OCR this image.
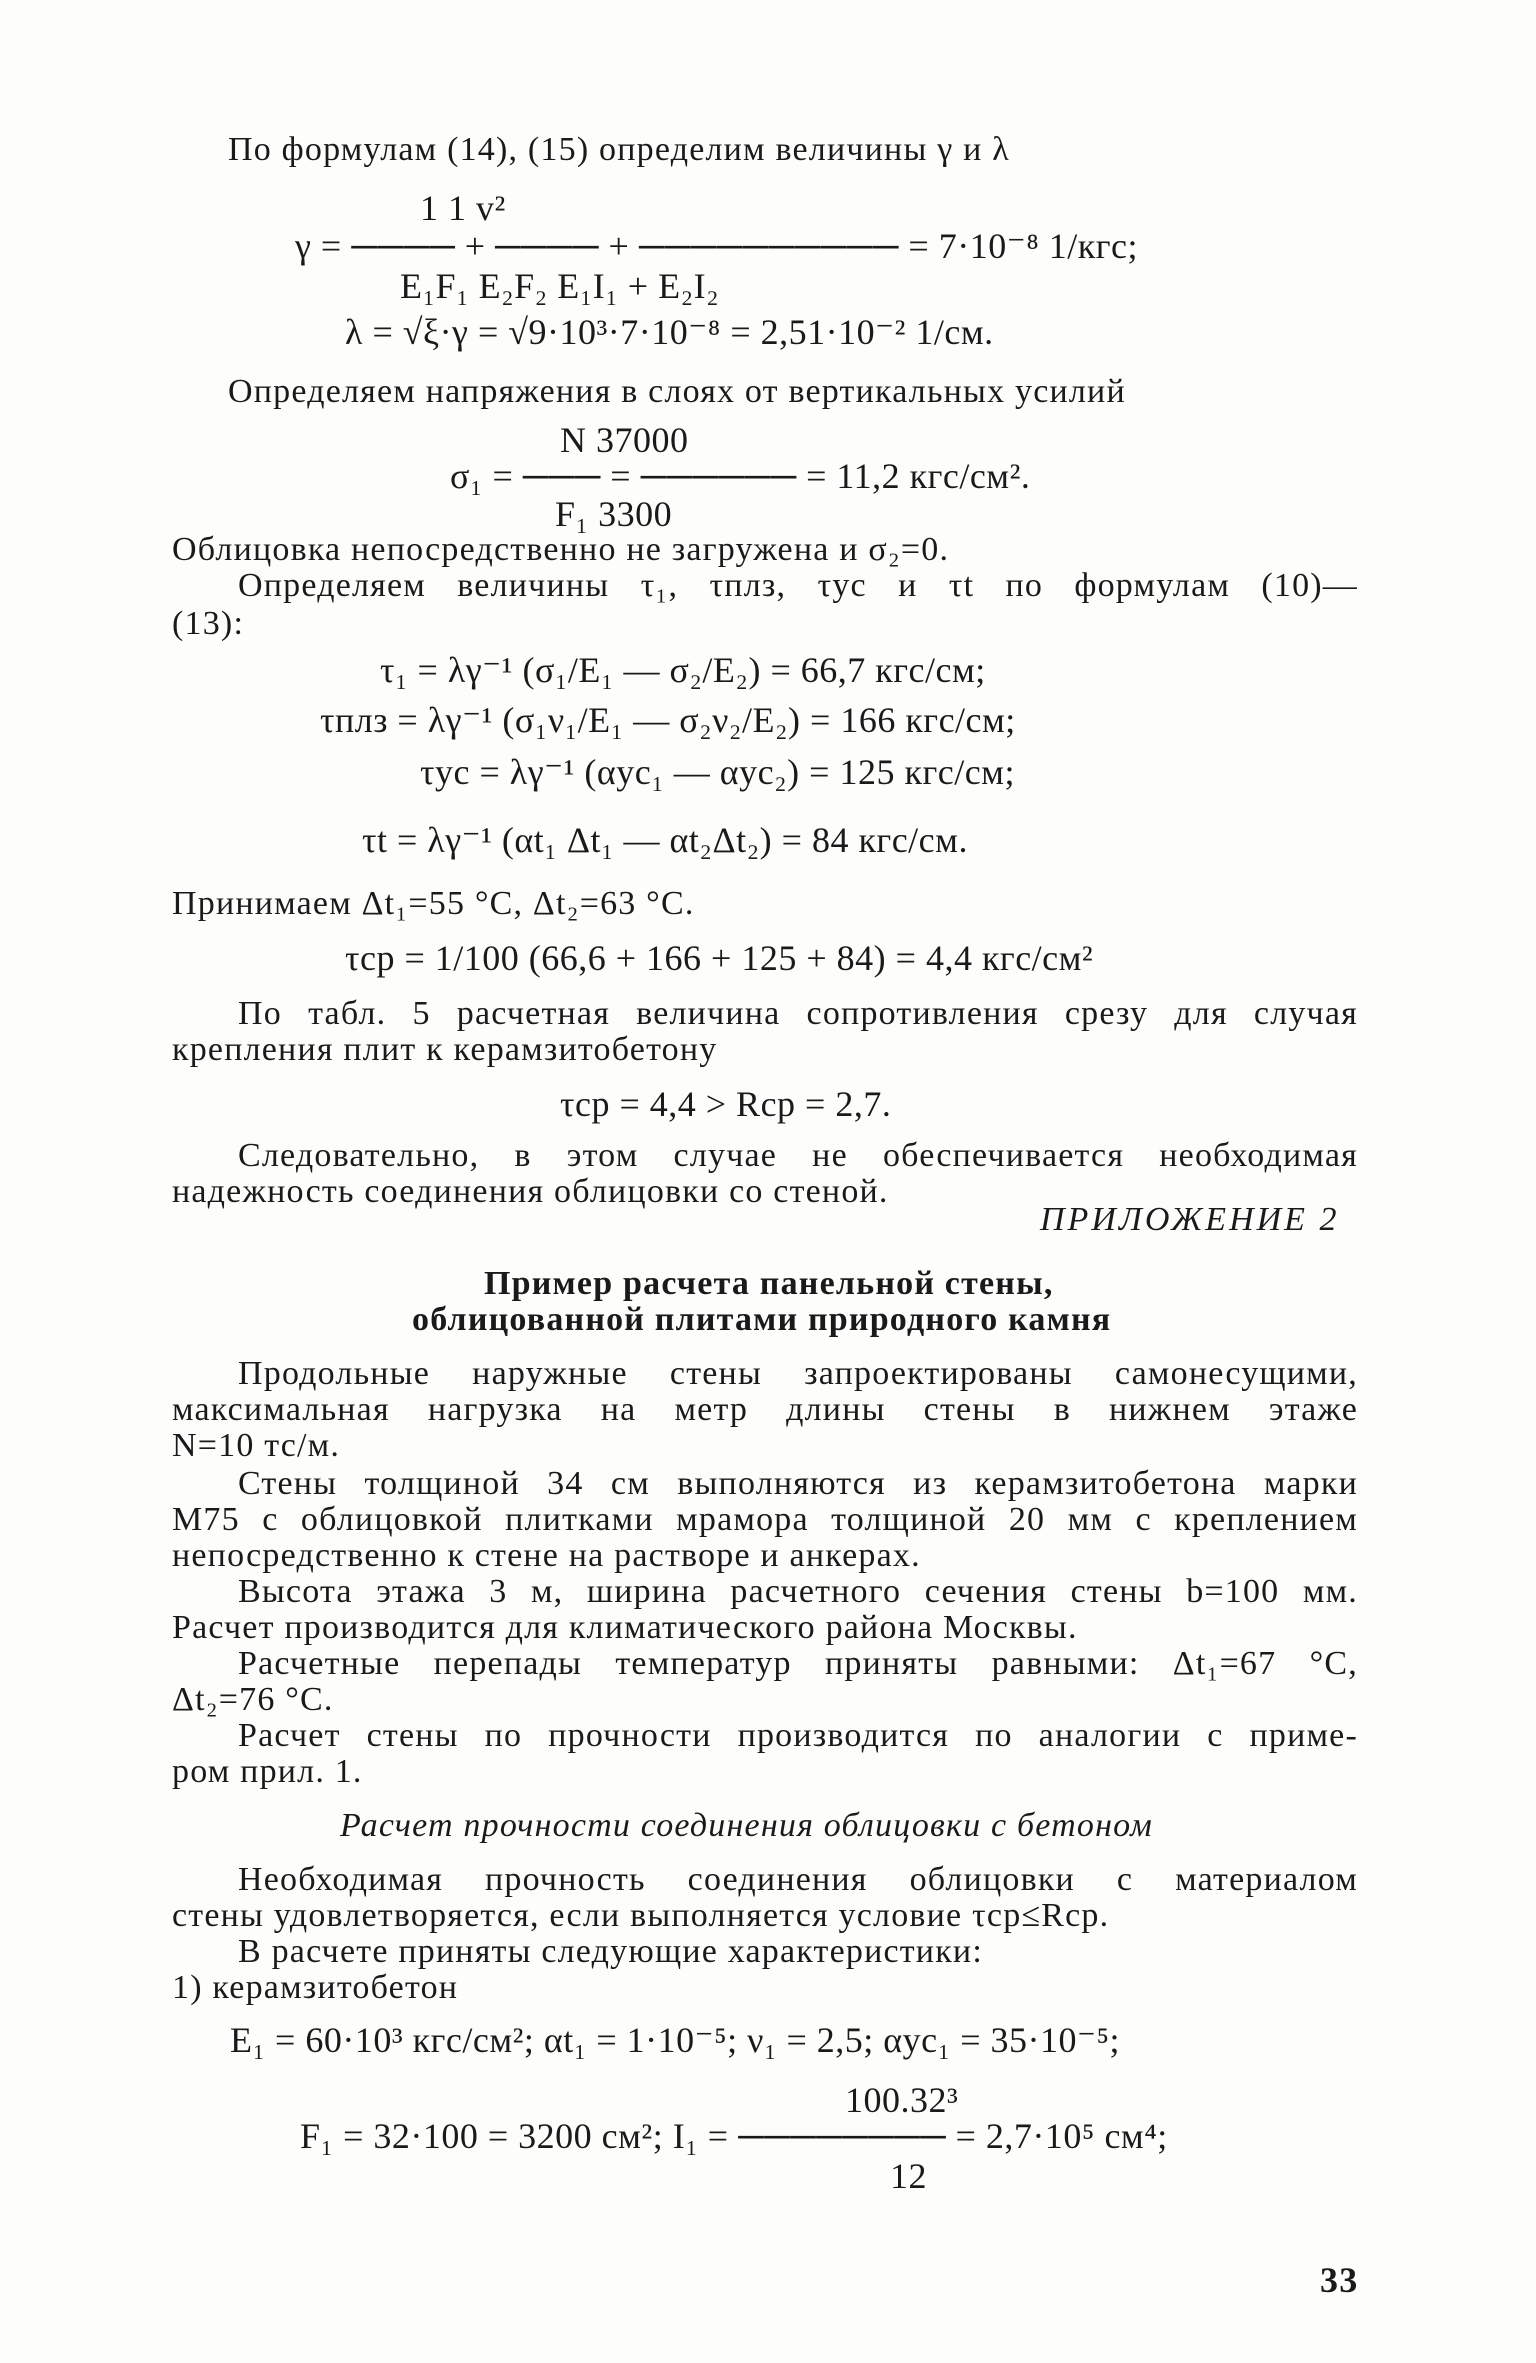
По формулам (14), (15) определим величины γ и λ

1 1 v²

γ = ──── + ──── + ────────── = 7·10⁻⁸ 1/кгс;

E₁F₁ E₂F₂ E₁I₁ + E₂I₂

λ = √ξ·γ = √9·10³·7·10⁻⁸ = 2,51·10⁻² 1/см.

Определяем напряжения в слоях от вертикальных усилий

N 37000

σ₁ = ─── = ────── = 11,2 кгс/см².

F₁ 3300

Облицовка непосредственно не загружена и σ₂=0.

Определяем величины τ₁, τплз, τус и τt по формулам (10)—

(13):

τ₁ = λγ⁻¹ (σ₁/E₁ — σ₂/E₂) = 66,7 кгс/см;

τплз = λγ⁻¹ (σ₁ν₁/E₁ — σ₂ν₂/E₂) = 166 кгс/см;

τус = λγ⁻¹ (αус₁ — αус₂) = 125 кгс/см;

τt = λγ⁻¹ (αt₁ Δt₁ — αt₂Δt₂) = 84 кгс/см.

Принимаем Δt₁=55 °С, Δt₂=63 °С.

τср = 1/100 (66,6 + 166 + 125 + 84) = 4,4 кгс/см²

По табл. 5 расчетная величина сопротивления срезу для случая

крепления плит к керамзитобетону

τср = 4,4 > Rср = 2,7.

Следовательно, в этом случае не обеспечивается необходимая

надежность соединения облицовки со стеной.

ПРИЛОЖЕНИЕ 2

Пример расчета панельной стены,

облицованной плитами природного камня

Продольные наружные стены запроектированы самонесущими,

максимальная нагрузка на метр длины стены в нижнем этаже

N=10 тс/м.

Стены толщиной 34 см выполняются из керамзитобетона марки

М75 с облицовкой плитками мрамора толщиной 20 мм с креплением

непосредственно к стене на растворе и анкерах.

Высота этажа 3 м, ширина расчетного сечения стены b=100 мм.

Расчет производится для климатического района Москвы.

Расчетные перепады температур приняты равными: Δt₁=67 °С,

Δt₂=76 °С.

Расчет стены по прочности производится по аналогии с приме-

ром прил. 1.

Расчет прочности соединения облицовки с бетоном

Необходимая прочность соединения облицовки с материалом

стены удовлетворяется, если выполняется условие τср≤Rср.

В расчете приняты следующие характеристики:

1) керамзитобетон

E₁ = 60·10³ кгс/см²; αt₁ = 1·10⁻⁵; ν₁ = 2,5; αус₁ = 35·10⁻⁵;

100.32³

F₁ = 32·100 = 3200 см²; I₁ = ──────── = 2,7·10⁵ см⁴;

12

33
